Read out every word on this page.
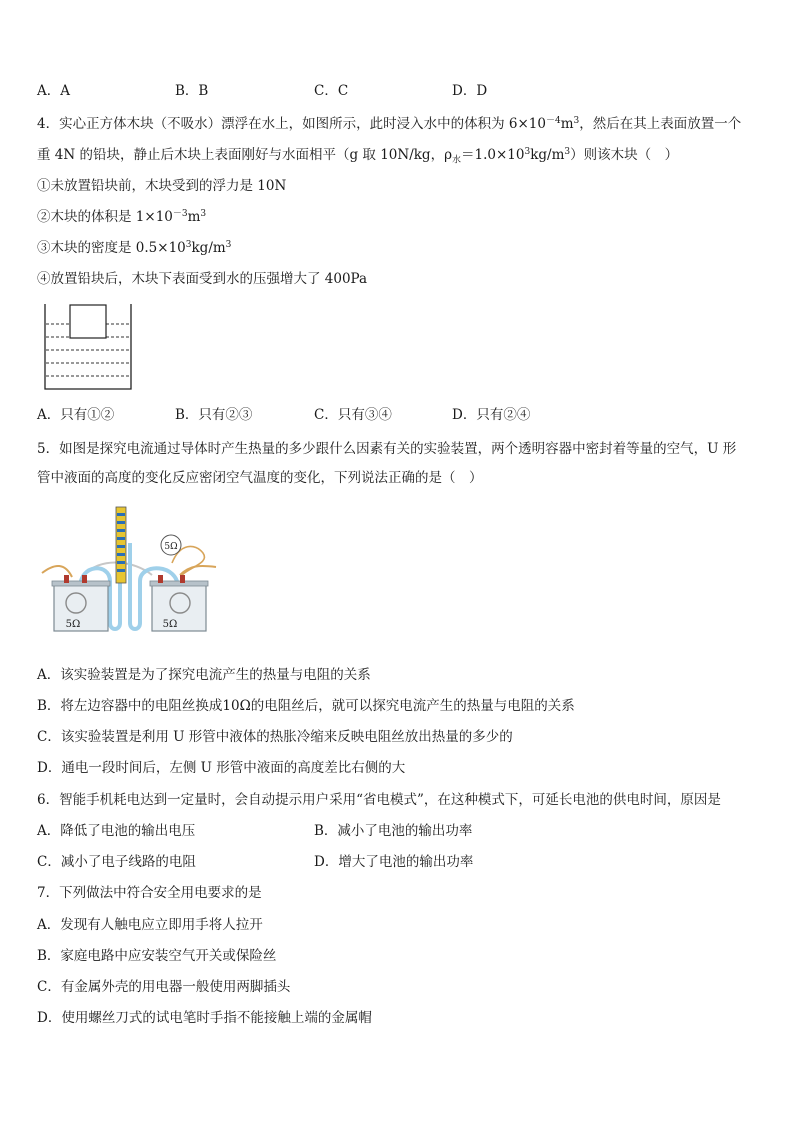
A．A	B．B	C．C	D．D
4．实心正方体木块（不吸水）漂浮在水上，如图所示，此时浸入水中的体积为 $6\times 10^{-4}m^3$，然后在其上表面放置一个
重 4N 的铅块，静止后木块上表面刚好与水面相平（g 取 10N/kg，$\rho_水=1.0\times 10^3kg/m^3$）则该木块（　）
①未放置铅块前，木块受到的浮力是 10N
②木块的体积是 $1\times 10^{-3}m^3$
③木块的密度是 $0.5\times 10^3kg/m^3$
④放置铅块后，木块下表面受到水的压强增大了 400Pa
A．只有①②	B．只有②③	C．只有③④	D．只有②④
5．如图是探究电流通过导体时产生热量的多少跟什么因素有关的实验装置，两个透明容器中密封着等量的空气，U 形
管中液面的高度的变化反应密闭空气温度的变化，下列说法正确的是（　）
5Ω
5Ω	5Ω
A．该实验装置是为了探究电流产生的热量与电阻的关系
B．将左边容器中的电阻丝换成10Ω的电阻丝后，就可以探究电流产生的热量与电阻的关系
C．该实验装置是利用 U 形管中液体的热胀冷缩来反映电阻丝放出热量的多少的
D．通电一段时间后，左侧 U 形管中液面的高度差比右侧的大
6．智能手机耗电达到一定量时，会自动提示用户采用“省电模式”，在这种模式下，可延长电池的供电时间，原因是
A．降低了电池的输出电压	B．减小了电池的输出功率
C．减小了电子线路的电阻	D．增大了电池的输出功率
7．下列做法中符合安全用电要求的是
A．发现有人触电应立即用手将人拉开
B．家庭电路中应安装空气开关或保险丝
C．有金属外壳的用电器一般使用两脚插头
D．使用螺丝刀式的试电笔时手指不能接触上端的金属帽
